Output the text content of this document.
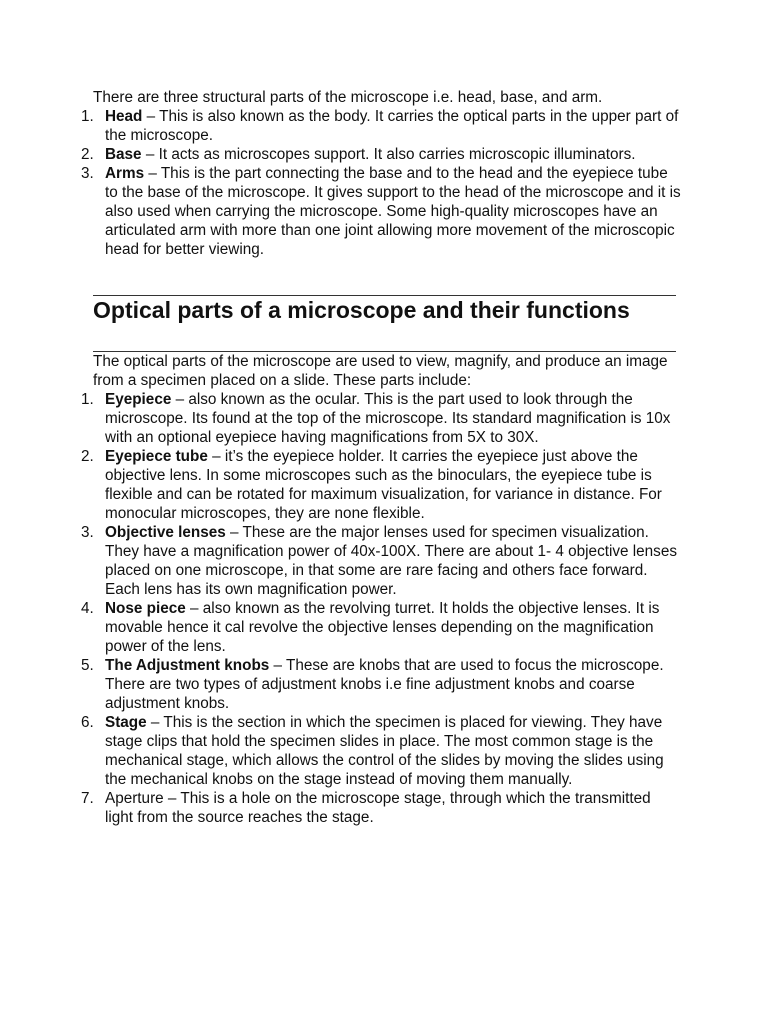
There are three structural parts of the microscope i.e. head, base, and arm.

1. Head – This is also known as the body. It carries the optical parts in the upper part of the microscope.
2. Base – It acts as microscopes support. It also carries microscopic illuminators.
3. Arms – This is the part connecting the base and to the head and the eyepiece tube to the base of the microscope. It gives support to the head of the microscope and it is also used when carrying the microscope. Some high-quality microscopes have an articulated arm with more than one joint allowing more movement of the microscopic head for better viewing.
Optical parts of a microscope and their functions

The optical parts of the microscope are used to view, magnify, and produce an image from a specimen placed on a slide. These parts include:

1. Eyepiece – also known as the ocular. This is the part used to look through the microscope. Its found at the top of the microscope. Its standard magnification is 10x with an optional eyepiece having magnifications from 5X to 30X.
2. Eyepiece tube – it’s the eyepiece holder. It carries the eyepiece just above the objective lens. In some microscopes such as the binoculars, the eyepiece tube is flexible and can be rotated for maximum visualization, for variance in distance. For monocular microscopes, they are none flexible.
3. Objective lenses – These are the major lenses used for specimen visualization. They have a magnification power of 40x-100X. There are about 1- 4 objective lenses placed on one microscope, in that some are rare facing and others face forward. Each lens has its own magnification power.
4. Nose piece – also known as the revolving turret. It holds the objective lenses. It is movable hence it cal revolve the objective lenses depending on the magnification power of the lens.
5. The Adjustment knobs – These are knobs that are used to focus the microscope. There are two types of adjustment knobs i.e fine adjustment knobs and coarse adjustment knobs.
6. Stage – This is the section in which the specimen is placed for viewing. They have stage clips that hold the specimen slides in place. The most common stage is the mechanical stage, which allows the control of the slides by moving the slides using the mechanical knobs on the stage instead of moving them manually.
7. Aperture – This is a hole on the microscope stage, through which the transmitted light from the source reaches the stage.
